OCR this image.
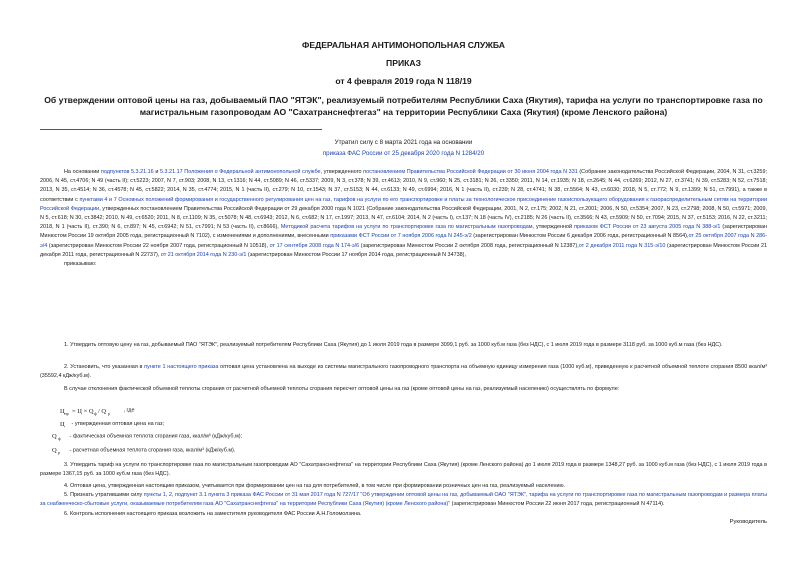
ФЕДЕРАЛЬНАЯ АНТИМОНОПОЛЬНАЯ СЛУЖБА
ПРИКАЗ
от 4 февраля 2019 года N 118/19
Об утверждении оптовой цены на газ, добываемый ПАО "ЯТЭК", реализуемый потребителям Республики Саха (Якутия), тарифа на услуги по транспортировке газа по магистральным газопроводам АО "Сахатранснефтегаз" на территории Республики Саха (Якутия) (кроме Ленского района)
Утратил силу с 8 марта 2021 года на основании
приказа ФАС России от 25 декабря 2020 года N 1284/20

На основании подпунктов 5.3.21.16 и 5.3.21.17 Положения о Федеральной антимонопольной службе, утвержденного постановлением Правительства Российской Федерации от 30 июня 2004 года N 331 (Собрание законодательства Российской Федерации, 2004, N 31, ст.3259; 2006, N 45, ст.4706; N 49 (часть II); ст.5223; 2007, N 7, ст.903; 2008, N 13, ст.1316; N 44, ст.5089; N 46, ст.5337; 2009, N 3, ст.378; N 39, ст.4613; 2010, N 9, ст.960; N 25, ст.3181; N 26, ст.3350; 2011, N 14, ст.1935; N 18, ст.2645; N 44, ст.6269; 2012, N 27, ст.3741; N 39, ст.5283; N 52, ст.7518; 2013, N 35, ст.4514; N 36, ст.4578; N 45, ст.5822; 2014, N 35, ст.4774; 2015, N 1 (часть II), ст.279; N 10, ст.1543; N 37, ст.5153; N 44, ст.6133; N 49, ст.6994; 2016, N 1 (часть II), ст.239; N 28, ст.4741; N 38, ст.5564; N 43, ст.6030; 2018, N 5, ст.772; N 9, ст.1399; N 51, ст.7991), а также в соответствии с пунктами 4 и 7 Основных положений формирования и государственного регулирования цен на газ, тарифов на услуги по его транспортировке и платы за технологическое присоединение газоиспользующего оборудования к газораспределительным сетям на территории Российской Федерации, утвержденных постановлением Правительства Российской Федерации от 29 декабря 2000 года N 1021 (Собрание законодательства Российской Федерации, 2001, N 2, ст.175; 2002, N 21, ст.2001; 2006, N 50, ст.5354; 2007, N 23, ст.2798; 2008, N 50, ст.5971; 2009, N 5, ст.618; N 30, ст.3842; 2010, N 49, ст.6520; 2011, N 8, ст.1109; N 35, ст.5078; N 48, ст.6943; 2012, N 6, ст.682; N 17, ст.1997; 2013, N 47, ст.6104; 2014, N 2 (часть I), ст.137; N 18 (часть IV), ст.2185; N 26 (часть II), ст.3566; N 43, ст.5909; N 50, ст.7094; 2015, N 37, ст.5153; 2016, N 22, ст.3211; 2018, N 1 (часть II), ст.390; N 6, ст.897; N 45, ст.6942; N 51, ст.7991; N 53 (часть II), ст.8666), Методикой расчета тарифов на услуги по транспортировке газа по магистральным газопроводам, утвержденной приказом ФСТ России от 23 августа 2005 года N 388-э/1 (зарегистрирован Минюстом России 19 октября 2005 года, регистрационный N 7102), с изменениями и дополнениями, внесенными приказами ФСТ России от 7 ноября 2006 года N 245-э/2 (зарегистрирован Минюстом России 6 декабря 2006 года, регистрационный N 8564),от 25 октября 2007 года N 286-э/4 (зарегистрирован Минюстом России 22 ноября 2007 года, регистрационный N 10518), от 17 сентября 2008 года N 174-э/6 (зарегистрирован Минюстом России 2 октября 2008 года, регистрационный N 12387),от 2 декабря 2011 года N 315-э/10 (зарегистрирован Минюстом России 21 декабря 2011 года, регистрационный N 22737), от 21 октября 2014 года N 230-э/1 (зарегистрирован Минюстом России 17 ноября 2014 года, регистрационный N 34738),

приказываю:

1. Утвердить оптовую цену на газ, добываемый ПАО "ЯТЭК", реализуемый потребителям Республики Саха (Якутия) до 1 июля 2019 года в размере 3099,1 руб. за 1000 куб.м газа (без НДС), с 1 июля 2019 года в размере 3118 руб. за 1000 куб.м газа (без НДС).

2. Установить, что указанная в пункте 1 настоящего приказа оптовая цена установлена на выходе из системы магистрального газопроводного транспорта на объемную единицу измерения газа (1000 куб.м), приведенную к расчетной объемной теплоте сгорания 8500 ккал/м³ (35592,4 кДж/куб.м).

В случае отклонения фактической объемной теплоты сгорания от расчетной объемной теплоты сгорания пересчет оптовой цены на газ (кроме оптовой цены на газ, реализуемый населению) осуществлять по формуле:

Ц пр = Ц × Q ф / Q р
, где
Ц - утвержденная оптовая цена на газ;
Q ф - фактическая объемная теплота сгорания газа, ккал/м³ (кДж/куб.м);
Q р - расчетная объемная теплота сгорания газа, ккал/м³ (кДж/куб.м).

3. Утвердить тариф на услуги по транспортировке газа по магистральным газопроводам АО "Сахатранснефтегаз" на территории Республики Саха (Якутия) (кроме Ленского района) до 1 июля 2019 года в размере 1348,27 руб. за 1000 куб.м газа (без НДС), с 1 июля 2019 года в размере 1367,15 руб. за 1000 куб.м газа (без НДС).

4. Оптовая цена, утвержденная настоящим приказом, учитывается при формировании цен на газ для потребителей, в том числе при формировании розничных цен на газ, реализуемый населению.

5. Признать утратившими силу пункты 1, 2, подпункт 3.1 пункта 3 приказа ФАС России от 31 мая 2017 года N 727/17 "Об утверждении оптовой цены на газ, добываемый ОАО "ЯТЭК", тарифа на услуги по транспортировке газа по магистральным газопроводам и размера платы за снабженческо-сбытовые услуги, оказываемые потребителям газа АО "Сахатранснефтегаз" на территории Республики Саха (Якутия) (кроме Ленского района)" (зарегистрирован Минюстом России 22 июня 2017 года, регистрационный N 47114).

6. Контроль исполнения настоящего приказа возложить на заместителя руководителя ФАС России А.Н.Голомолзина.

Руководитель
